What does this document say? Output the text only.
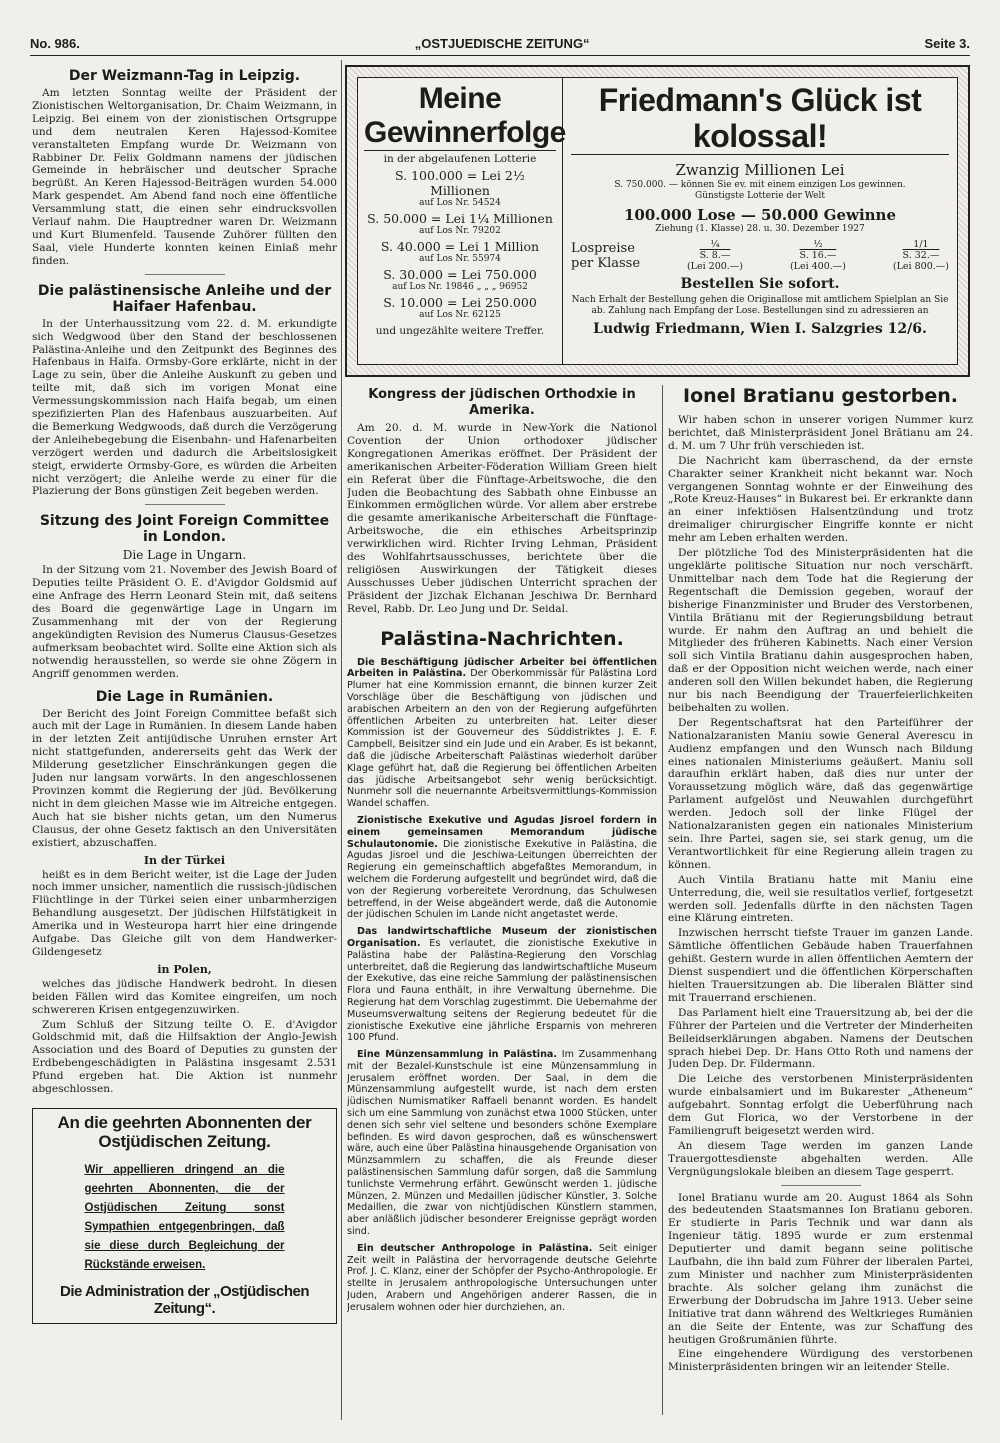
No. 986.	„OSTJUEDISCHE ZEITUNG“	Seite 3.
Der Weizmann-Tag in Leipzig.

Am letzten Sonntag weilte der Präsident der Zionistischen Weltorganisation, Dr. Chaim Weizmann, in Leipzig. Bei einem von der zionistischen Ortsgruppe und dem neutralen Keren Hajessod-Komitee veranstalteten Empfang wurde Dr. Weizmann von Rabbiner Dr. Felix Goldmann namens der jüdischen Gemeinde in hebräischer und deutscher Sprache begrüßt. An Keren Hajessod-Beiträgen wurden 54.000 Mark gespendet. Am Abend fand noch eine öffentliche Versammlung statt, die einen sehr eindrucksvollen Verlauf nahm. Die Hauptredner waren Dr. Weizmann und Kurt Blumenfeld. Tausende Zuhörer füllten den Saal, viele Hunderte konnten keinen Einlaß mehr finden.

Die palästinensische Anleihe und der Haifaer Hafenbau.

In der Unterhaussitzung vom 22. d. M. erkundigte sich Wedgwood über den Stand der beschlossenen Palästina-Anleihe und den Zeitpunkt des Beginnes des Hafenbaus in Haifa. Ormsby-Gore erklärte, nicht in der Lage zu sein, über die Anleihe Auskunft zu geben und teilte mit, daß sich im vorigen Monat eine Vermessungskommission nach Haifa begab, um einen spezifizierten Plan des Hafenbaus auszuarbeiten. Auf die Bemerkung Wedgwoods, daß durch die Verzögerung der Anleihebegebung die Eisenbahn- und Hafenarbeiten verzögert werden und dadurch die Arbeitslosigkeit steigt, erwiderte Ormsby-Gore, es würden die Arbeiten nicht verzögert; die Anleihe werde zu einer für die Plazierung der Bons günstigen Zeit begeben werden.

Sitzung des Joint Foreign Committee in London.
Die Lage in Ungarn.

In der Sitzung vom 21. November des Jewish Board of Deputies teilte Präsident O. E. d'Avigdor Goldsmid auf eine Anfrage des Herrn Leonard Stein mit, daß seitens des Board die gegenwärtige Lage in Ungarn im Zusammenhang mit der von der Regierung angekündigten Revision des Numerus Clausus-Gesetzes aufmerksam beobachtet wird. Sollte eine Aktion sich als notwendig herausstellen, so werde sie ohne Zögern in Angriff genommen werden.

Die Lage in Rumänien.

Der Bericht des Joint Foreign Committee befaßt sich auch mit der Lage in Rumänien. In diesem Lande haben in der letzten Zeit antijüdische Unruhen ernster Art nicht stattgefunden, andererseits geht das Werk der Milderung gesetzlicher Einschränkungen gegen die Juden nur langsam vorwärts. In den angeschlossenen Provinzen kommt die Regierung der jüd. Bevölkerung nicht in dem gleichen Masse wie im Altreiche entgegen. Auch hat sie bisher nichts getan, um den Numerus Clausus, der ohne Gesetz faktisch an den Universitäten existiert, abzuschaffen.

In der Türkei

heißt es in dem Bericht weiter, ist die Lage der Juden noch immer unsicher, namentlich die russisch-jüdischen Flüchtlinge in der Türkei seien einer unbarmherzigen Behandlung ausgesetzt. Der jüdischen Hilfstätigkeit in Amerika und in Westeuropa harrt hier eine dringende Aufgabe. Das Gleiche gilt von dem Handwerker-Gildengesetz

in Polen,

welches das jüdische Handwerk bedroht. In diesen beiden Fällen wird das Komitee eingreifen, um noch schwereren Krisen entgegenzuwirken.

Zum Schluß der Sitzung teilte O. E. d'Avigdor Goldschmid mit, daß die Hilfsaktion der Anglo-Jewish Association und des Board of Deputies zu gunsten der Erdbebengeschädigten in Palästina insgesamt 2.531 Pfund ergeben hat. Die Aktion ist nunmehr abgeschlossen.

An die geehrten Abonnenten der Ostjüdischen Zeitung.
Wir appellieren dringend an die geehrten Abonnenten, die der Ostjüdischen Zeitung sonst Sympathien entgegenbringen, daß sie diese durch Begleichung der Rückstände erweisen.
Die Administration der „Ostjüdischen Zeitung“.
Meine Gewinnerfolge
in der abgelaufenen Lotterie
S. 100.000 = Lei 2½ Millionen
auf Los Nr. 54524
S. 50.000 = Lei 1¼ Millionen
auf Los Nr. 79202
S. 40.000 = Lei 1 Million
auf Los Nr. 55974
S. 30.000 = Lei 750.000
auf Los Nr. 19846 „ „ „ 96952
S. 10.000 = Lei 250.000
auf Los Nr. 62125
und ungezählte weitere Treffer.
Friedmann's Glück ist kolossal!
Zwanzig Millionen Lei
S. 750.000. — können Sie ev. mit einem einzigen Los gewinnen.
Günstigste Lotterie der Welt
100.000 Lose — 50.000 Gewinne
Ziehung (1. Klasse) 28. u. 30. Dezember 1927
Lospreise
per Klasse
¼
S. 8.—
(Lei 200.—)
½
S. 16.—
(Lei 400.—)
1/1
S. 32.—
(Lei 800.—)
Bestellen Sie sofort.
Nach Erhalt der Bestellung gehen die Originallose mit amtlichem Spielplan an Sie ab. Zahlung nach Empfang der Lose. Bestellungen sind zu adressieren an
Ludwig Friedmann, Wien I. Salzgries 12/6.
Kongress der jüdischen Orthodxie in Amerika.

Am 20. d. M. wurde in New-York die Nationol Covention der Union orthodoxer jüdischer Kongregationen Amerikas eröffnet. Der Präsident der amerikanischen Arbeiter-Föderation William Green hielt ein Referat über die Fünftage-Arbeitswoche, die den Juden die Beobachtung des Sabbath ohne Einbusse an Einkommen ermöglichen würde. Vor allem aber erstrebe die gesamte amerikanische Arbeiterschaft die Fünftage-Arbeitswoche, die ein ethisches Arbeitsprinzip verwirklichen wird. Richter Irving Lehman, Präsident des Wohlfahrtsausschusses, berichtete über die religiösen Auswirkungen der Tätigkeit dieses Ausschusses Ueber jüdischen Unterricht sprachen der Präsident der Jizchak Elchanan Jeschiwa Dr. Bernhard Revel, Rabb. Dr. Leo Jung und Dr. Seidal.

Palästina-Nachrichten.

Die Beschäftigung jüdischer Arbeiter bei öffentlichen Arbeiten in Palästina. Der Oberkommissär für Palästina Lord Plumer hat eine Kommission ernannt, die binnen kurzer Zeit Vorschläge über die Beschäftigung von jüdischen und arabischen Arbeitern an den von der Regierung aufgeführten öffentlichen Arbeiten zu unterbreiten hat. Leiter dieser Kommission ist der Gouverneur des Süddistriktes J. E. F. Campbell, Beisitzer sind ein Jude und ein Araber. Es ist bekannt, daß die jüdische Arbeiterschaft Palästinas wiederholt darüber Klage geführt hat, daß die Regierung bei öffentlichen Arbeiten das jüdische Arbeitsangebot sehr wenig berücksichtigt. Nunmehr soll die neuernannte Arbeitsvermittlungs-Kommission Wandel schaffen.

Zionistische Exekutive und Agudas Jisroel fordern in einem gemeinsamen Memorandum jüdische Schulautonomie. Die zionistische Exekutive in Palästina, die Agudas Jisroel und die Jeschiwa-Leitungen überreichten der Regierung ein gemeinschaftlich abgefaßtes Memorandum, in welchem die Forderung aufgestellt und begründet wird, daß die von der Regierung vorbereitete Verordnung, das Schulwesen betreffend, in der Weise abgeändert werde, daß die Autonomie der jüdischen Schulen im Lande nicht angetastet werde.

Das landwirtschaftliche Museum der zionistischen Organisation. Es verlautet, die zionistische Exekutive in Palästina habe der Palästina-Regierung den Vorschlag unterbreitet, daß die Regierung das landwirtschaftliche Museum der Exekutive, das eine reiche Sammlung der palästinensischen Flora und Fauna enthält, in ihre Verwaltung übernehme. Die Regierung hat dem Vorschlag zugestimmt. Die Uebernahme der Museumsverwaltung seitens der Regierung bedeutet für die zionistische Exekutive eine jährliche Ersparnis von mehreren 100 Pfund.

Eine Münzensammlung in Palästina. Im Zusammenhang mit der Bezalel-Kunstschule ist eine Münzensammlung in Jerusalem eröffnet worden. Der Saal, in dem die Münzensammlung aufgestellt wurde, ist nach dem ersten jüdischen Numismatiker Raffaeli benannt worden. Es handelt sich um eine Sammlung von zunächst etwa 1000 Stücken, unter denen sich sehr viel seltene und besonders schöne Exemplare befinden. Es wird davon gesprochen, daß es wünschenswert wäre, auch eine über Palästina hinausgehende Organisation von Münzsammlern zu schaffen, die als Freunde dieser palästinensischen Sammlung dafür sorgen, daß die Sammlung tunlichste Vermehrung erfährt. Gewünscht werden 1. jüdische Münzen, 2. Münzen und Medaillen jüdischer Künstler, 3. Solche Medaillen, die zwar von nichtjüdischen Künstlern stammen, aber anläßlich jüdischer besonderer Ereignisse geprägt worden sind.

Ein deutscher Anthropologe in Palästina. Seit einiger Zeit weilt in Palästina der hervorragende deutsche Gelehrte Prof. J. C. Klanz, einer der Schöpfer der Psycho-Anthropologie. Er stellte in Jerusalem anthropologische Untersuchungen unter Juden, Arabern und Angehörigen anderer Rassen, die in Jerusalem wohnen oder hier durchziehen, an.

Ionel Bratianu gestorben.

Wir haben schon in unserer vorigen Nummer kurz berichtet, daß Ministerpräsident Jonel Brătianu am 24. d. M. um 7 Uhr früh verschieden ist.

Die Nachricht kam überraschend, da der ernste Charakter seiner Krankheit nicht bekannt war. Noch vergangenen Sonntag wohnte er der Einweihung des „Rote Kreuz-Hauses“ in Bukarest bei. Er erkrankte dann an einer infektiösen Halsentzündung und trotz dreimaliger chirurgischer Eingriffe konnte er nicht mehr am Leben erhalten werden.

Der plötzliche Tod des Ministerpräsidenten hat die ungeklärte politische Situation nur noch verschärft. Unmittelbar nach dem Tode hat die Regierung der Regentschaft die Demission gegeben, worauf der bisherige Finanzminister und Bruder des Verstorbenen, Vintila Brătianu mit der Regierungsbildung betraut wurde. Er nahm den Auftrag an und behielt die Mitglieder des früheren Kabinetts. Nach einer Version soll sich Vintila Bratianu dahin ausgesprochen haben, daß er der Opposition nicht weichen werde, nach einer anderen soll den Willen bekundet haben, die Regierung nur bis nach Beendigung der Trauerfeierlichkeiten beibehalten zu wollen.

Der Regentschaftsrat hat den Parteiführer der Nationalzaranisten Maniu sowie General Averescu in Audienz empfangen und den Wunsch nach Bildung eines nationalen Ministeriums geäußert. Maniu soll daraufhin erklärt haben, daß dies nur unter der Voraussetzung möglich wäre, daß das gegenwärtige Parlament aufgelöst und Neuwahlen durchgeführt werden. Jedoch soll der linke Flügel der Nationalzaranisten gegen ein nationales Ministerium sein. Ihre Partei, sagen sie, sei stark genug, um die Verantwortlichkeit für eine Regierung allein tragen zu können.

Auch Vintila Bratianu hatte mit Maniu eine Unterredung, die, weil sie resultatlos verlief, fortgesetzt werden soll. Jedenfalls dürfte in den nächsten Tagen eine Klärung eintreten.

Inzwischen herrscht tiefste Trauer im ganzen Lande. Sämtliche öffentlichen Gebäude haben Trauerfahnen gehißt. Gestern wurde in allen öffentlichen Aemtern der Dienst suspendiert und die öffentlichen Körperschaften hielten Trauersitzungen ab. Die liberalen Blätter sind mit Trauerrand erschienen.

Das Parlament hielt eine Trauersitzung ab, bei der die Führer der Parteien und die Vertreter der Minderheiten Beileidserklärungen abgaben. Namens der Deutschen sprach hiebei Dep. Dr. Hans Otto Roth und namens der Juden Dep. Dr. Fildermann.

Die Leiche des verstorbenen Ministerpräsidenten wurde einbalsamiert und im Bukarester „Atheneum“ aufgebahrt. Sonntag erfolgt die Ueberführung nach dem Gut Florica, wo der Verstorbene in der Familiengruft beigesetzt werden wird.

An diesem Tage werden im ganzen Lande Trauergottesdienste abgehalten werden. Alle Vergnügungslokale bleiben an diesem Tage gesperrt.

Ionel Bratianu wurde am 20. August 1864 als Sohn des bedeutenden Staatsmannes Ion Bratianu geboren. Er studierte in Paris Technik und war dann als Ingenieur tätig. 1895 wurde er zum erstenmal Deputierter und damit begann seine politische Laufbahn, die ihn bald zum Führer der liberalen Partei, zum Minister und nachher zum Ministerpräsidenten brachte. Als solcher gelang ihm zunächst die Erwerbung der Dobrudscha im Jahre 1913. Ueber seine Initiative trat dann während des Weltkrieges Rumänien an die Seite der Entente, was zur Schaffung des heutigen Großrumänien führte.

Eine eingehendere Würdigung des verstorbenen Ministerpräsidenten bringen wir an leitender Stelle.
